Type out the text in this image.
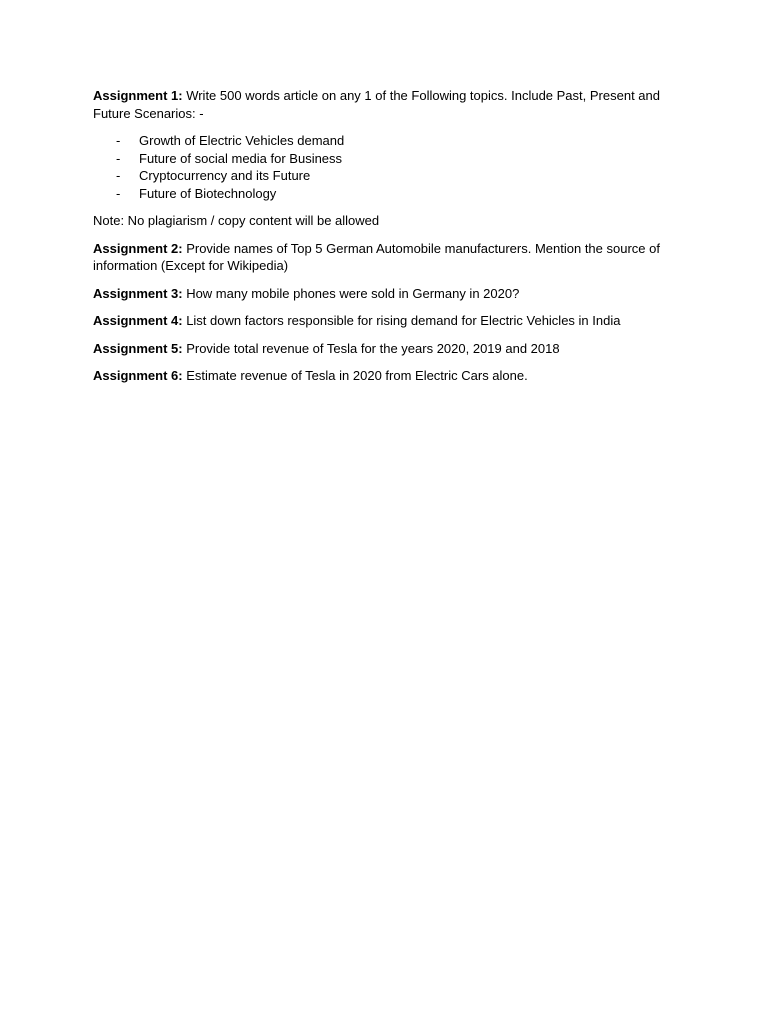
Assignment 1: Write 500 words article on any 1 of the Following topics. Include Past, Present and Future Scenarios: -

- Growth of Electric Vehicles demand
- Future of social media for Business
- Cryptocurrency and its Future
- Future of Biotechnology

Note: No plagiarism / copy content will be allowed

Assignment 2: Provide names of Top 5 German Automobile manufacturers. Mention the source of information (Except for Wikipedia)

Assignment 3: How many mobile phones were sold in Germany in 2020?

Assignment 4: List down factors responsible for rising demand for Electric Vehicles in India

Assignment 5: Provide total revenue of Tesla for the years 2020, 2019 and 2018

Assignment 6: Estimate revenue of Tesla in 2020 from Electric Cars alone.
